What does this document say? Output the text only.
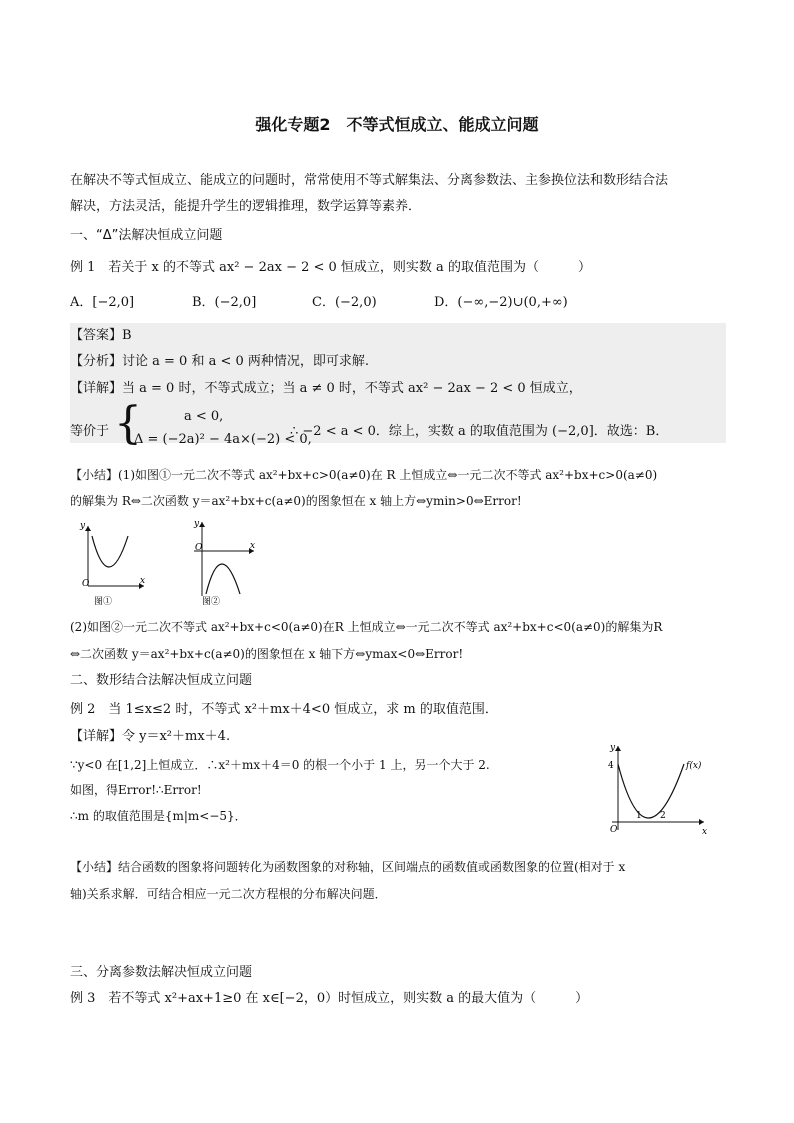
强化专题2　不等式恒成立、能成立问题
在解决不等式恒成立、能成立的问题时，常常使用不等式解集法、分离参数法、主参换位法和数形结合法
解决，方法灵活，能提升学生的逻辑推理，数学运算等素养．
一、“Δ”法解决恒成立问题
例 1　若关于 x 的不等式 ax² − 2ax − 2 < 0 恒成立，则实数 a 的取值范围为（　　　）
A．[−2,0]	B．(−2,0]	C．(−2,0)	D．(−∞,−2)∪(0,+∞)
【答案】B
【分析】讨论 a = 0 和 a < 0 两种情况，即可求解.
【详解】当 a = 0 时，不等式成立；当 a ≠ 0 时，不等式 ax² − 2ax − 2 < 0 恒成立，
等价于 {	a < 0,
Δ = (−2a)² − 4a×(−2) < 0,
∴ −2 < a < 0．综上，实数 a 的取值范围为 (−2,0]．故选：B．
【小结】(1)如图①一元二次不等式 ax²+bx+c>0(a≠0)在 R 上恒成立⇔一元二次不等式 ax²+bx+c>0(a≠0)
的解集为 R⇔二次函数 y＝ax²+bx+c(a≠0)的图象恒在 x 轴上方⇔ymin>0⇔Error!
y
x
O
图①
y
x
O
图②
(2)如图②一元二次不等式 ax²+bx+c<0(a≠0)在R 上恒成立⇔一元二次不等式 ax²+bx+c<0(a≠0)的解集为R
⇔二次函数 y＝ax²+bx+c(a≠0)的图象恒在 x 轴下方⇔ymax<0⇔Error!
二、数形结合法解决恒成立问题
例 2　当 1≤x≤2 时，不等式 x²＋mx＋4<0 恒成立，求 m 的取值范围．
【详解】令 y＝x²＋mx＋4.
∵y<0 在[1,2]上恒成立．∴x²＋mx＋4＝0 的根一个小于 1 上，另一个大于 2.
如图，得Error!∴Error!
∴m 的取值范围是{m|m<−5}．
y
x
O
4
1 2
f(x)
【小结】结合函数的图象将问题转化为函数图象的对称轴，区间端点的函数值或函数图象的位置(相对于 x
轴)关系求解．可结合相应一元二次方程根的分布解决问题．
三、分离参数法解决恒成立问题
例 3　若不等式 x²+ax+1≥0 在 x∈[−2，0）时恒成立，则实数 a 的最大值为（　　　）
